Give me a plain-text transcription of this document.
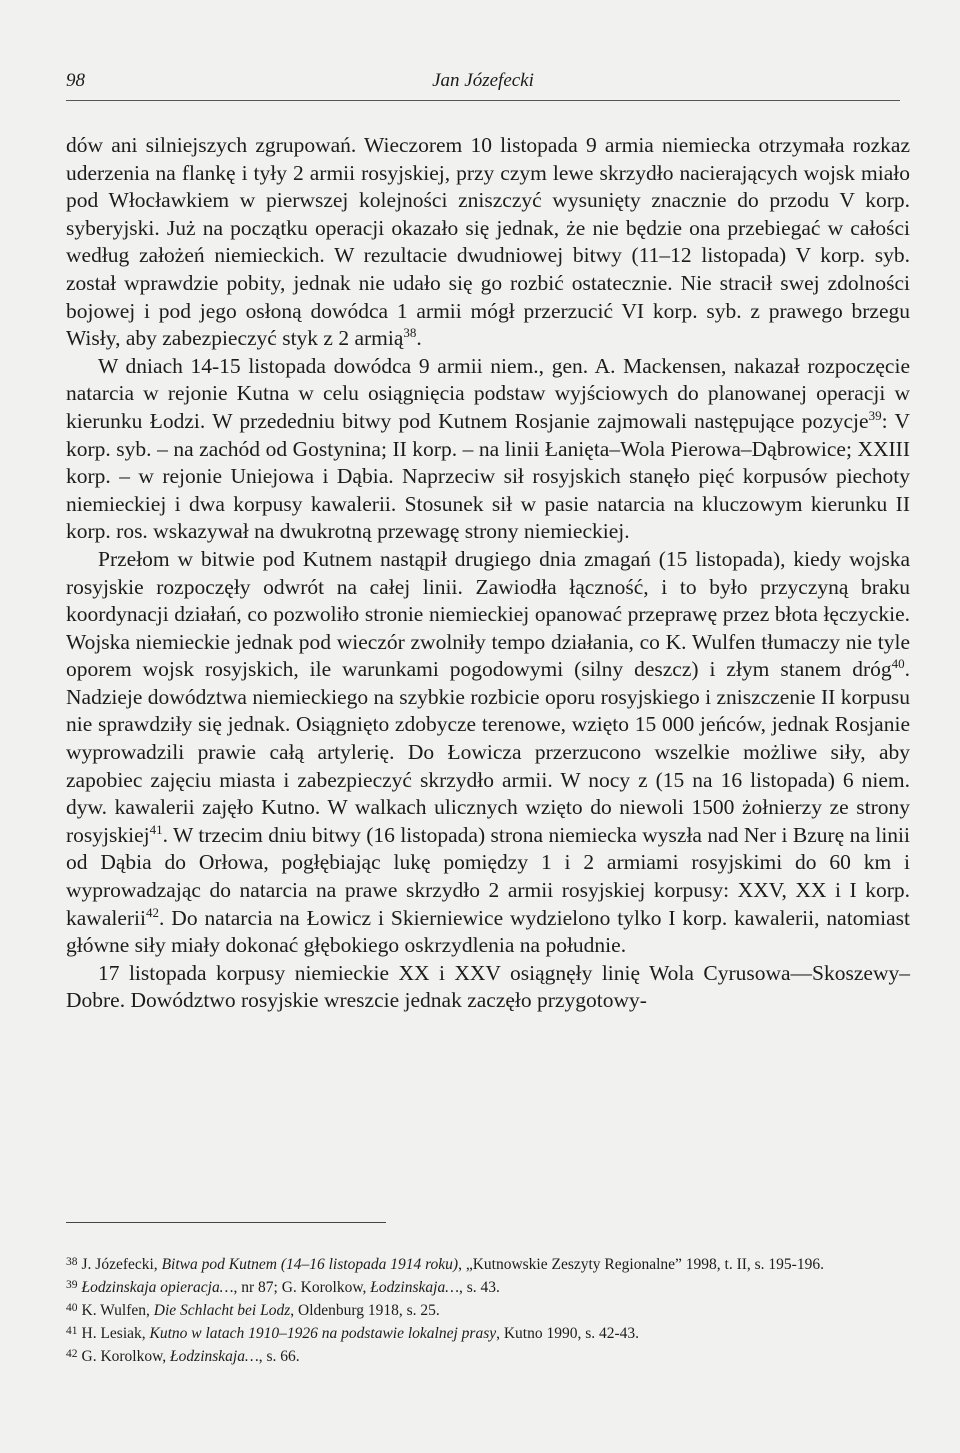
98	Jan Józefecki

dów ani silniejszych zgrupowań. Wieczorem 10 listopada 9 armia niemiecka otrzymała rozkaz uderzenia na flankę i tyły 2 armii rosyjskiej, przy czym lewe skrzydło nacierających wojsk miało pod Włocławkiem w pierwszej kolejności zniszczyć wysunięty znacznie do przodu V korp. syberyjski. Już na początku operacji okazało się jednak, że nie będzie ona przebiegać w całości według założeń niemieckich. W rezultacie dwudniowej bitwy (11–12 listopada) V korp. syb. został wprawdzie pobity, jednak nie udało się go rozbić ostatecznie. Nie stracił swej zdolności bojowej i pod jego osłoną dowódca 1 armii mógł przerzucić VI korp. syb. z prawego brzegu Wisły, aby zabezpieczyć styk z 2 armią$^{38}$.

W dniach 14-15 listopada dowódca 9 armii niem., gen. A. Mackensen, nakazał rozpoczęcie natarcia w rejonie Kutna w celu osiągnięcia podstaw wyjściowych do planowanej operacji w kierunku Łodzi. W przededniu bitwy pod Kutnem Rosjanie zajmowali następujące pozycje$^{39}$: V korp. syb. – na zachód od Gostynina; II korp. – na linii Łanięta–Wola Pierowa–Dąbrowice; XXIII korp. – w rejonie Uniejowa i Dąbia. Naprzeciw sił rosyjskich stanęło pięć korpusów piechoty niemieckiej i dwa korpusy kawalerii. Stosunek sił w pasie natarcia na kluczowym kierunku II korp. ros. wskazywał na dwukrotną przewagę strony niemieckiej.

Przełom w bitwie pod Kutnem nastąpił drugiego dnia zmagań (15 listopada), kiedy wojska rosyjskie rozpoczęły odwrót na całej linii. Zawiodła łączność, i to było przyczyną braku koordynacji działań, co pozwoliło stronie niemieckiej opanować przeprawę przez błota łęczyckie. Wojska niemieckie jednak pod wieczór zwolniły tempo działania, co K. Wulfen tłumaczy nie tyle oporem wojsk rosyjskich, ile warunkami pogodowymi (silny deszcz) i złym stanem dróg$^{40}$. Nadzieje dowództwa niemieckiego na szybkie rozbicie oporu rosyjskiego i zniszczenie II korpusu nie sprawdziły się jednak. Osiągnięto zdobycze terenowe, wzięto 15 000 jeńców, jednak Rosjanie wyprowadzili prawie całą artylerię. Do Łowicza przerzucono wszelkie możliwe siły, aby zapobiec zajęciu miasta i zabezpieczyć skrzydło armii. W nocy z (15 na 16 listopada) 6 niem. dyw. kawalerii zajęło Kutno. W walkach ulicznych wzięto do niewoli 1500 żołnierzy ze strony rosyjskiej$^{41}$. W trzecim dniu bitwy (16 listopada) strona niemiecka wyszła nad Ner i Bzurę na linii od Dąbia do Orłowa, pogłębiając lukę pomiędzy 1 i 2 armiami rosyjskimi do 60 km i wyprowadzając do natarcia na prawe skrzydło 2 armii rosyjskiej korpusy: XXV, XX i I korp. kawalerii$^{42}$. Do natarcia na Łowicz i Skierniewice wydzielono tylko I korp. kawalerii, natomiast główne siły miały dokonać głębokiego oskrzydlenia na południe.

17 listopada korpusy niemieckie XX i XXV osiągnęły linię Wola Cyrusowa––Skoszewy–Dobre. Dowództwo rosyjskie wreszcie jednak zaczęło przygotowy-

$^{38}$ J. Józefecki, Bitwa pod Kutnem (14–16 listopada 1914 roku), „Kutnowskie Zeszyty Regionalne” 1998, t. II, s. 195-196.

$^{39}$ Łodzinskaja opieracja…, nr 87; G. Korolkow, Łodzinskaja…, s. 43.

$^{40}$ K. Wulfen, Die Schlacht bei Lodz, Oldenburg 1918, s. 25.

$^{41}$ H. Lesiak, Kutno w latach 1910–1926 na podstawie lokalnej prasy, Kutno 1990, s. 42-43.

$^{42}$ G. Korolkow, Łodzinskaja…, s. 66.
